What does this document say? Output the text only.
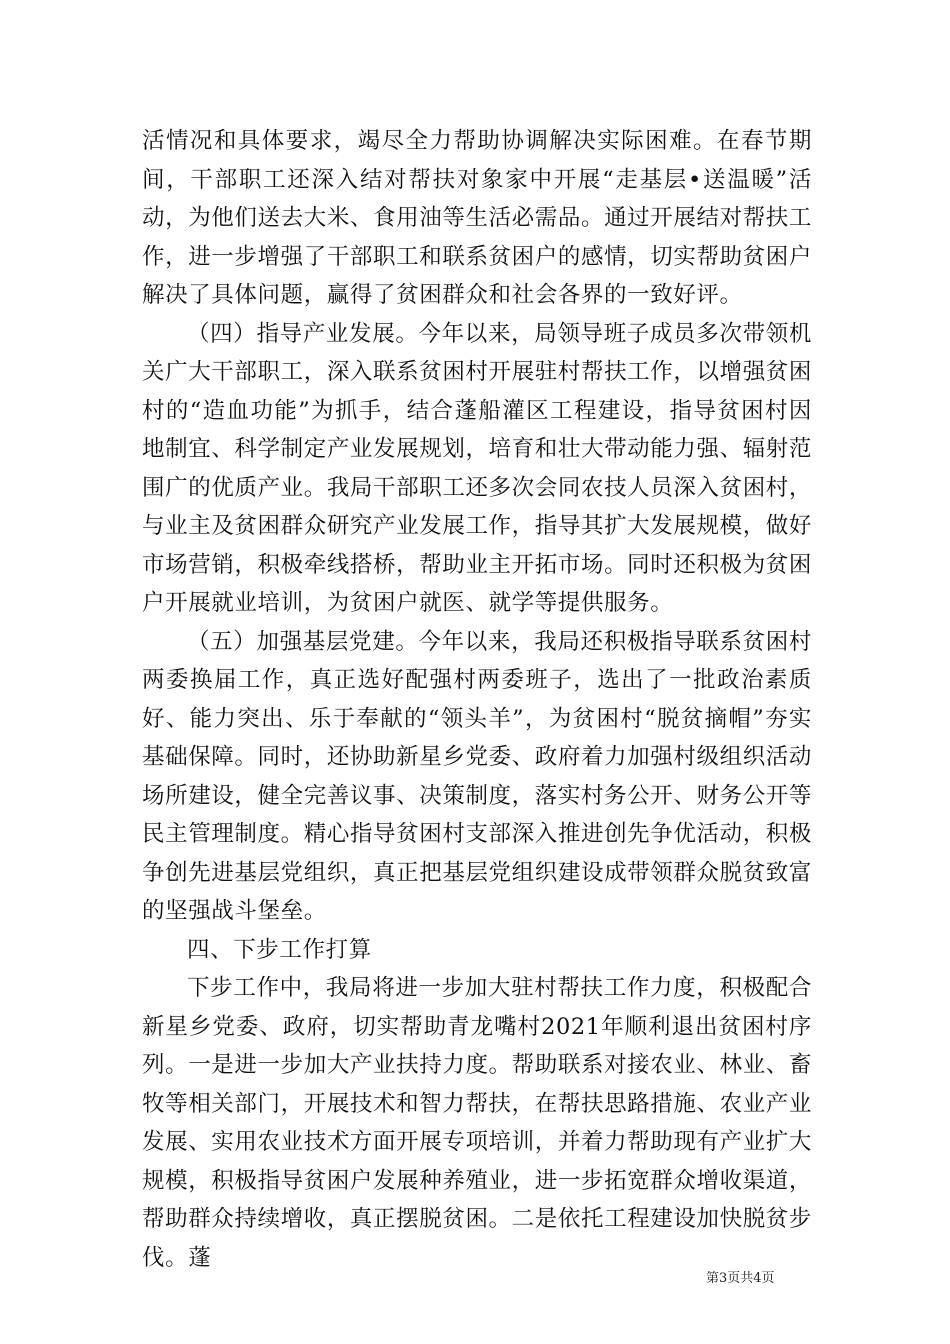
活情况和具体要求，竭尽全力帮助协调解决实际困难。在春节期间，干部职工还深入结对帮扶对象家中开展“走基层•送温暖”活动，为他们送去大米、食用油等生活必需品。通过开展结对帮扶工作，进一步增强了干部职工和联系贫困户的感情，切实帮助贫困户解决了具体问题，赢得了贫困群众和社会各界的一致好评。

（四）指导产业发展。今年以来，局领导班子成员多次带领机关广大干部职工，深入联系贫困村开展驻村帮扶工作，以增强贫困村的“造血功能”为抓手，结合蓬船灌区工程建设，指导贫困村因地制宜、科学制定产业发展规划，培育和壮大带动能力强、辐射范围广的优质产业。我局干部职工还多次会同农技人员深入贫困村，与业主及贫困群众研究产业发展工作，指导其扩大发展规模，做好市场营销，积极牵线搭桥，帮助业主开拓市场。同时还积极为贫困户开展就业培训，为贫困户就医、就学等提供服务。

（五）加强基层党建。今年以来，我局还积极指导联系贫困村两委换届工作，真正选好配强村两委班子，选出了一批政治素质好、能力突出、乐于奉献的“领头羊”，为贫困村“脱贫摘帽”夯实基础保障。同时，还协助新星乡党委、政府着力加强村级组织活动场所建设，健全完善议事、决策制度，落实村务公开、财务公开等民主管理制度。精心指导贫困村支部深入推进创先争优活动，积极争创先进基层党组织，真正把基层党组织建设成带领群众脱贫致富的坚强战斗堡垒。

四、下步工作打算

下步工作中，我局将进一步加大驻村帮扶工作力度，积极配合新星乡党委、政府，切实帮助青龙嘴村2021年顺利退出贫困村序列。一是进一步加大产业扶持力度。帮助联系对接农业、林业、畜牧等相关部门，开展技术和智力帮扶，在帮扶思路措施、农业产业发展、实用农业技术方面开展专项培训，并着力帮助现有产业扩大规模，积极指导贫困户发展种养殖业，进一步拓宽群众增收渠道，帮助群众持续增收，真正摆脱贫困。二是依托工程建设加快脱贫步伐。蓬

第3页共4页
